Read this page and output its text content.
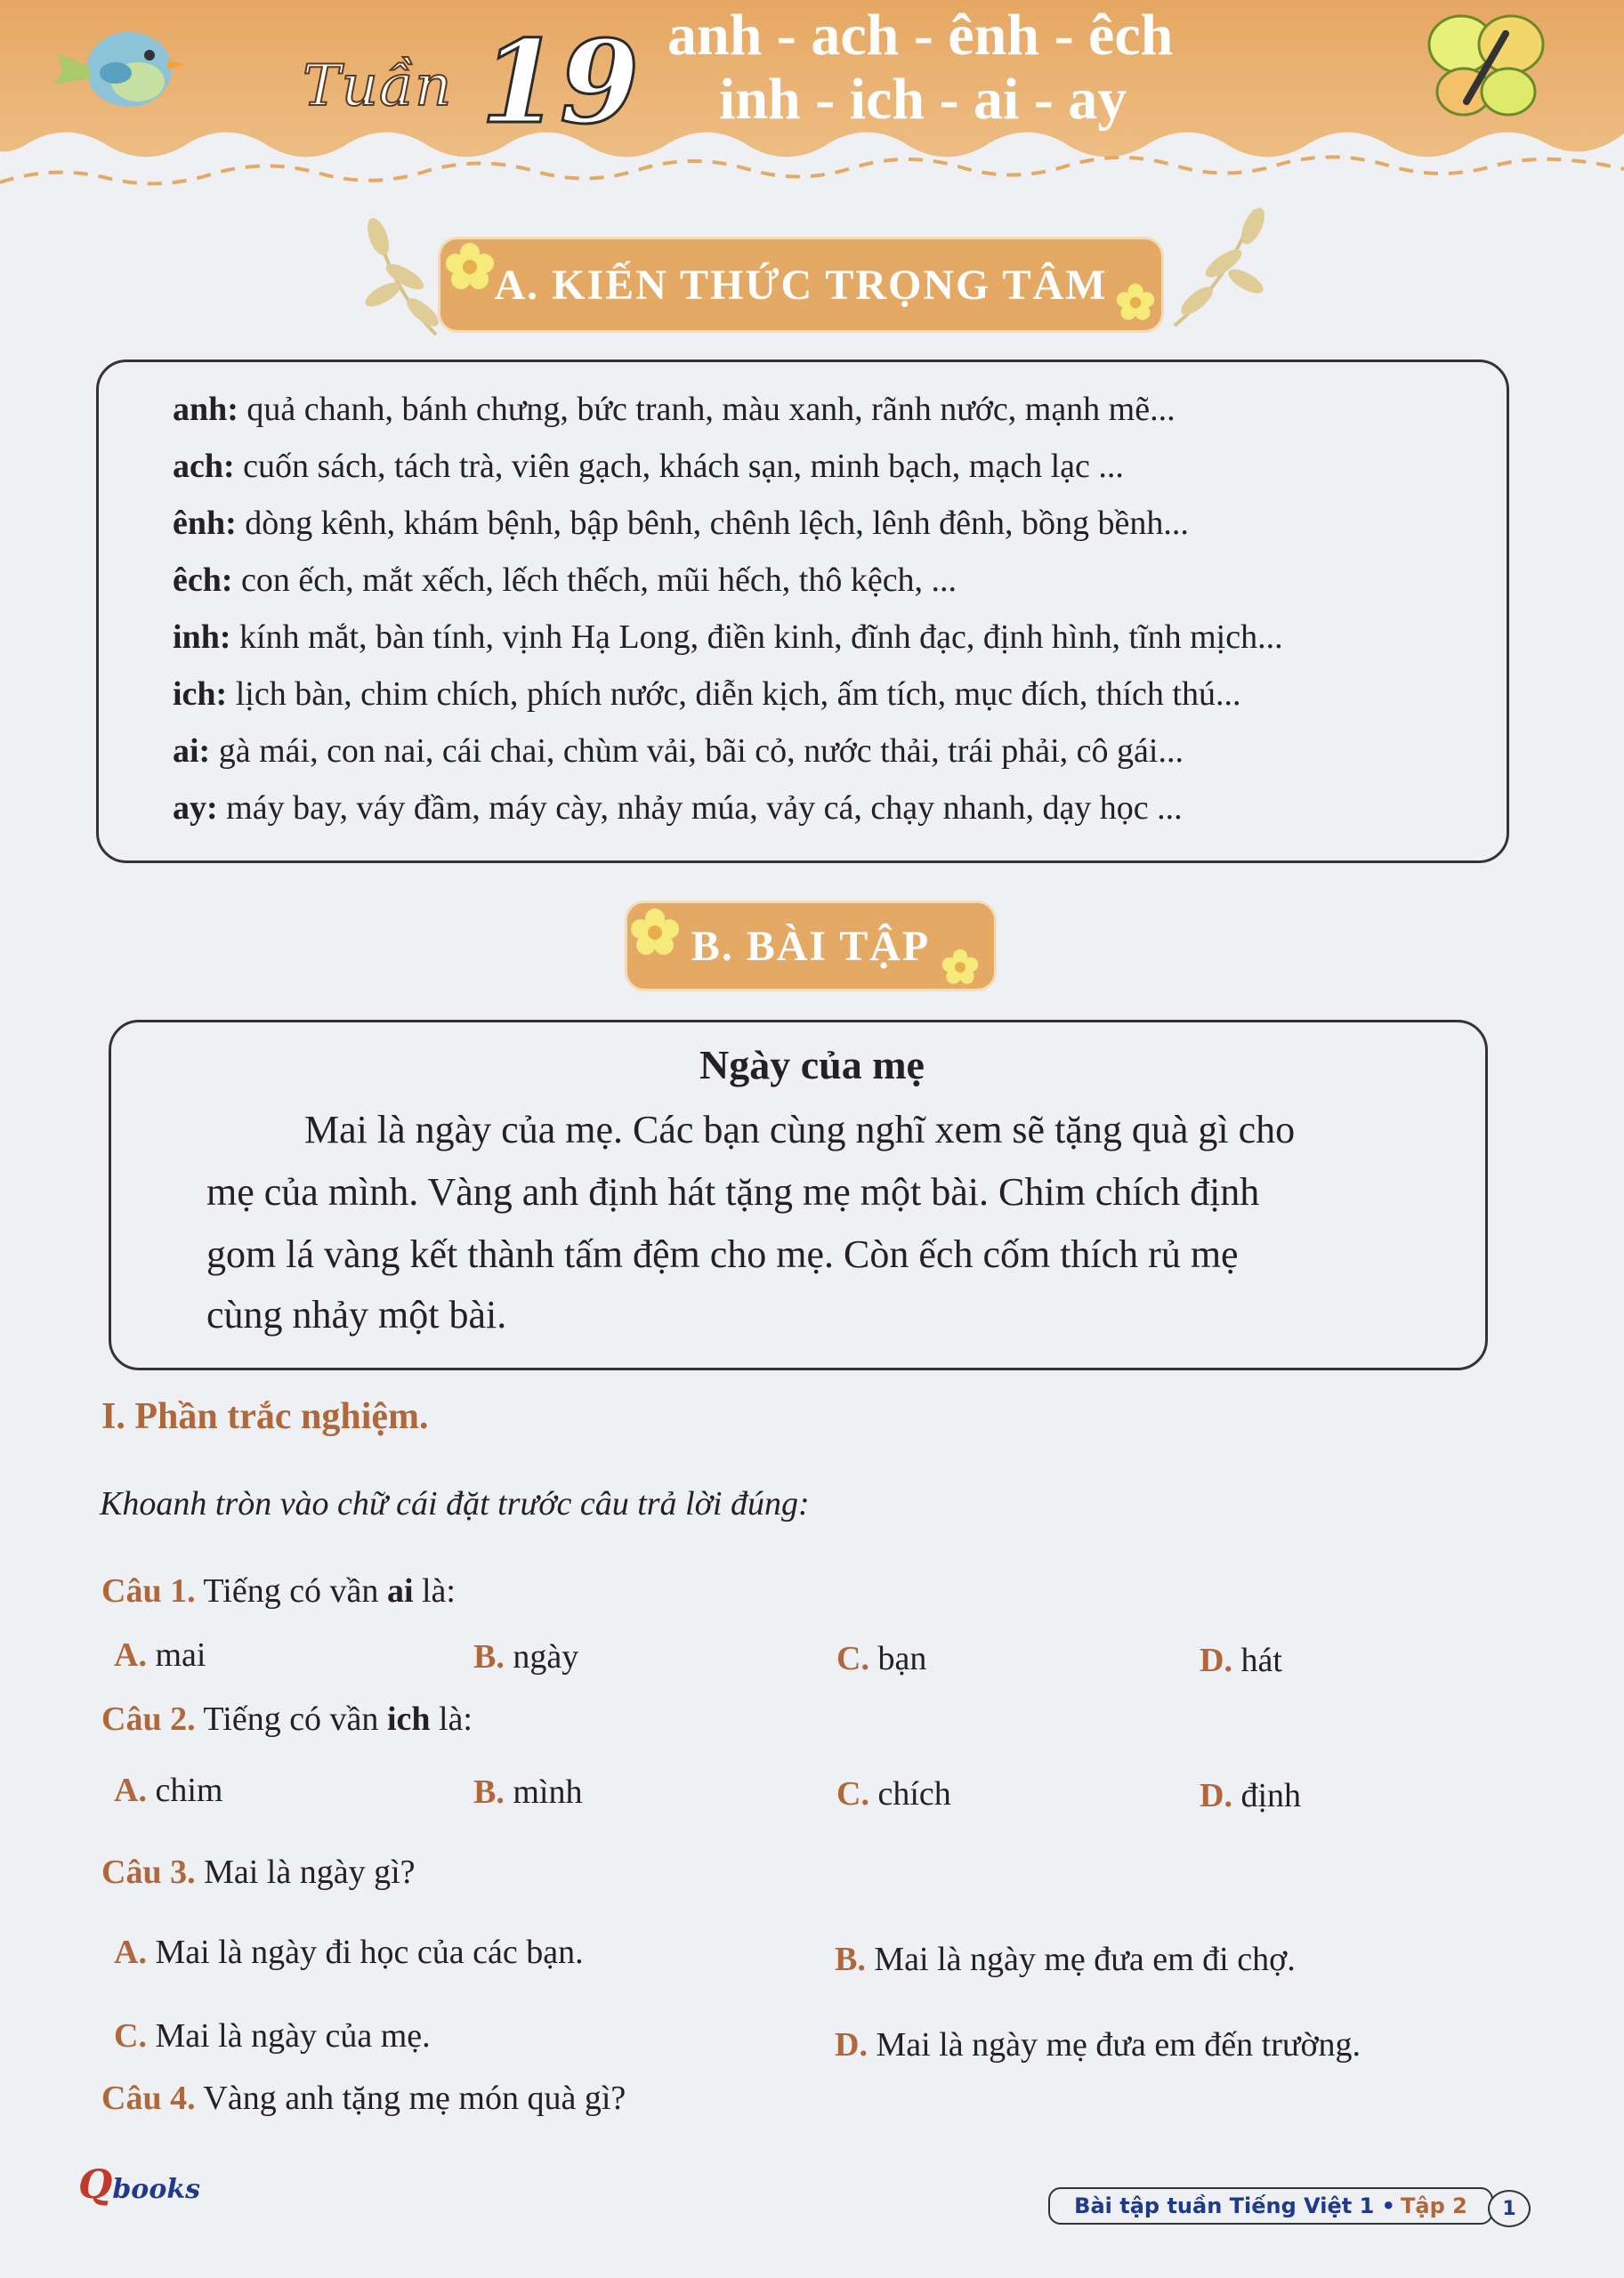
Tuần 19 anh - ach - ênh - êch
inh - ich - ai - ay
A. KIẾN THỨC TRỌNG TÂM
anh: quả chanh, bánh chưng, bức tranh, màu xanh, rãnh nước, mạnh mẽ...
ach: cuốn sách, tách trà, viên gạch, khách sạn, minh bạch, mạch lạc ...
ênh: dòng kênh, khám bệnh, bập bênh, chênh lệch, lênh đênh, bồng bềnh...
êch: con ếch, mắt xếch, lếch thếch, mũi hếch, thô kệch, ...
inh: kính mắt, bàn tính, vịnh Hạ Long, điền kinh, đĩnh đạc, định hình, tĩnh mịch...
ich: lịch bàn, chim chích, phích nước, diễn kịch, ấm tích, mục đích, thích thú...
ai: gà mái, con nai, cái chai, chùm vải, bãi cỏ, nước thải, trái phải, cô gái...
ay: máy bay, váy đầm, máy cày, nhảy múa, vảy cá, chạy nhanh, dạy học ...
B. BÀI TẬP
Ngày của mẹ
Mai là ngày của mẹ. Các bạn cùng nghĩ xem sẽ tặng quà gì cho
mẹ của mình. Vàng anh định hát tặng mẹ một bài. Chim chích định
gom lá vàng kết thành tấm đệm cho mẹ. Còn ếch cốm thích rủ mẹ
cùng nhảy một bài.
I. Phần trắc nghiệm.
Khoanh tròn vào chữ cái đặt trước câu trả lời đúng:
Câu 1. Tiếng có vần ai là:
A. mai	B. ngày	C. bạn	D. hát
Câu 2. Tiếng có vần ich là:
A. chim	B. mình	C. chích	D. định
Câu 3. Mai là ngày gì?
A. Mai là ngày đi học của các bạn.	B. Mai là ngày mẹ đưa em đi chợ.
C. Mai là ngày của mẹ.	D. Mai là ngày mẹ đưa em đến trường.
Câu 4. Vàng anh tặng mẹ món quà gì?
Qbooks
Bài tập tuần Tiếng Việt 1 • Tập 2	1
